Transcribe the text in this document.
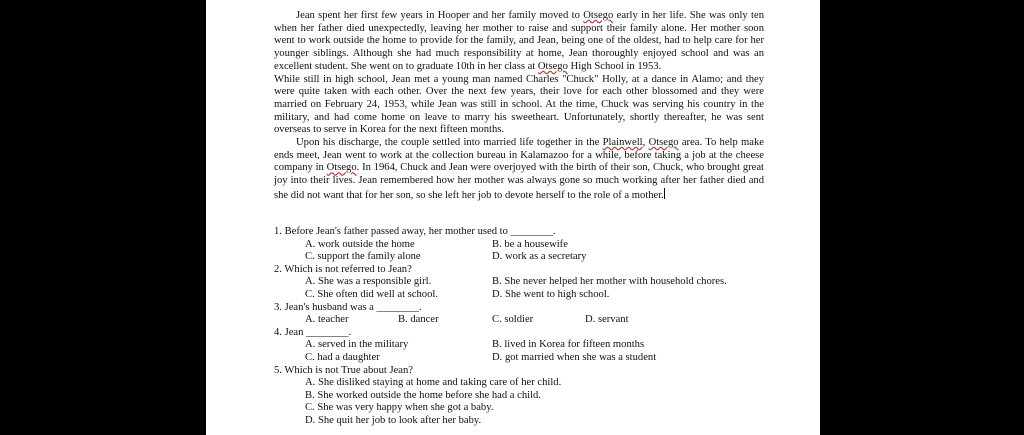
Jean spent her first few years in Hooper and her family moved to Otsego early in her life. She was only ten when her father died unexpectedly, leaving her mother to raise and support their family alone. Her mother soon went to work outside the home to provide for the family, and Jean, being one of the oldest, had to help care for her younger siblings. Although she had much responsibility at home, Jean thoroughly enjoyed school and was an excellent student. She went on to graduate 10th in her class at Otsego High School in 1953.

While still in high school, Jean met a young man named Charles "Chuck" Holly, at a dance in Alamo; and they were quite taken with each other. Over the next few years, their love for each other blossomed and they were married on February 24, 1953, while Jean was still in school. At the time, Chuck was serving his country in the military, and had come home on leave to marry his sweetheart. Unfortunately, shortly thereafter, he was sent overseas to serve in Korea for the next fifteen months.

Upon his discharge, the couple settled into married life together in the Plainwell, Otsego area. To help make ends meet, Jean went to work at the collection bureau in Kalamazoo for a while, before taking a job at the cheese company in Otsego. In 1964, Chuck and Jean were overjoyed with the birth of their son, Chuck, who brought great joy into their lives. Jean remembered how her mother was always gone so much working after her father died and she did not want that for her son, so she left her job to devote herself to the role of a mother.

1. Before Jean's father passed away, her mother used to ________.
A. work outside the home	B. be a housewife
C. support the family alone	D. work as a secretary
2. Which is not referred to Jean?
A. She was a responsible girl.	B. She never helped her mother with household chores.
C. She often did well at school.	D. She went to high school.
3. Jean's husband was a ________.
A. teacher	B. dancer	C. soldier	D. servant
4. Jean ________.
A. served in the military	B. lived in Korea for fifteen months
C. had a daughter	D. got married when she was a student
5. Which is not True about Jean?
A. She disliked staying at home and taking care of her child.
B. She worked outside the home before she had a child.
C. She was very happy when she got a baby.
D. She quit her job to look after her baby.
